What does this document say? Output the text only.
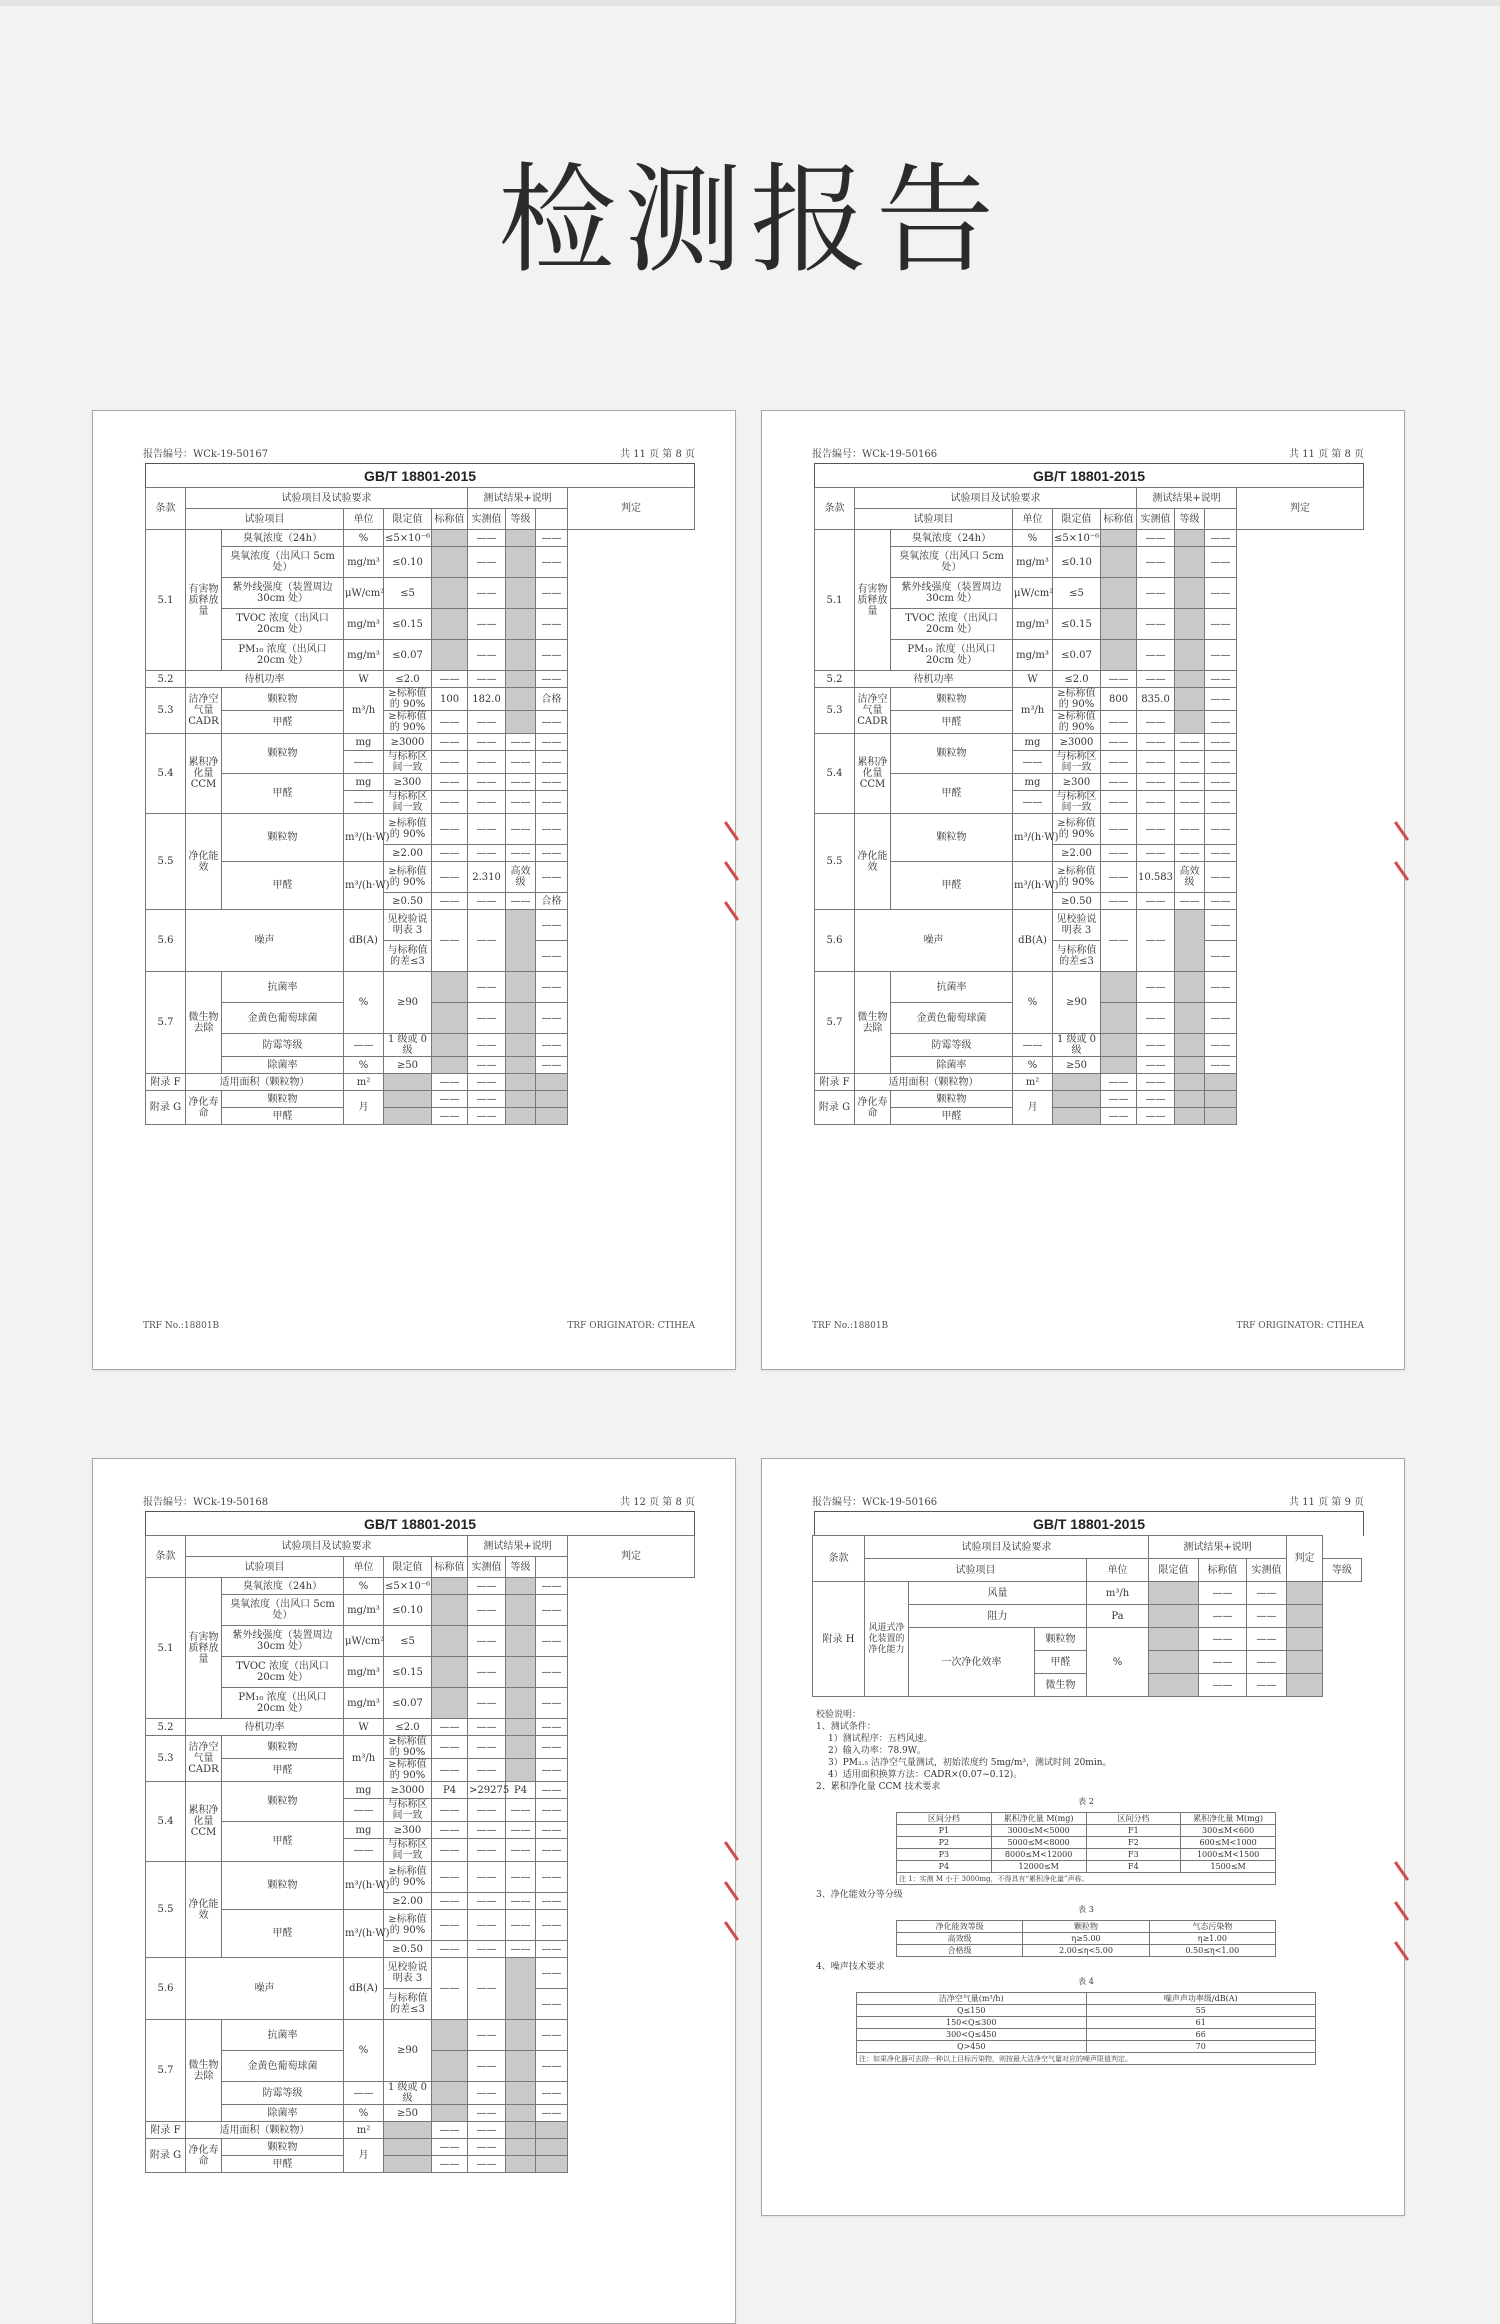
检测报告
报告编号：WCk-19-50167	共 11 页 第 8 页
GB/T 18801-2015
条款	试验项目及试验要求					测试结果+说明			判定
	试验项目		单位	限定值	标称值	实测值	等级		
5.1	有害物质释放量	臭氧浓度（24h）	%	≤5×10⁻⁶		——		——	
		臭氧浓度（出风口 5cm 处）	mg/m³	≤0.10		——		——	
		紫外线强度（装置周边 30cm 处）	μW/cm²	≤5		——		——	
		TVOC 浓度（出风口 20cm 处）	mg/m³	≤0.15		——		——	
		PM₁₀ 浓度（出风口 20cm 处）	mg/m³	≤0.07		——		——	
5.2	待机功率		W	≤2.0	——	——		——	
5.3	洁净空气量 CADR	颗粒物	m³/h	≥标称值的 90%	100	182.0		合格	
		甲醛		≥标称值的 90%	——	——		——	
5.4	累积净化量 CCM	颗粒物	mg	≥3000	——	——	——	——	
			——	与标称区间一致	——	——	——	——	
		甲醛	mg	≥300	——	——	——	——	
			——	与标称区间一致	——	——	——	——	
5.5	净化能效	颗粒物	m³/(h·W)	≥标称值的 90%	——	——	——	——	
				≥2.00	——	——	——	——	
		甲醛	m³/(h·W)	≥标称值的 90%	——	2.310	高效级	——	
				≥0.50	——	——	——	合格	
5.6	噪声		dB(A)	见校验说明表 3	——	——		——	
				与标称值的差≤3				——	
5.7	微生物去除	抗菌率	%	≥90		——		——	
		金黄色葡萄球菌				——		——	
		防霉等级	——	1 级或 0 级		——		——	
		除菌率	%	≥50		——		——	
附录 F	适用面积（颗粒物）		m²		——	——			
附录 G	净化寿命	颗粒物	月		——	——			
		甲醛			——	——			
TRF No.:18801B	TRF ORIGINATOR: CTIHEA
报告编号：WCk-19-50166	共 11 页 第 8 页
GB/T 18801-2015
条款	试验项目及试验要求					测试结果+说明			判定
	试验项目		单位	限定值	标称值	实测值	等级		
5.1	有害物质释放量	臭氧浓度（24h）	%	≤5×10⁻⁶		——		——	
		臭氧浓度（出风口 5cm 处）	mg/m³	≤0.10		——		——	
		紫外线强度（装置周边 30cm 处）	μW/cm²	≤5		——		——	
		TVOC 浓度（出风口 20cm 处）	mg/m³	≤0.15		——		——	
		PM₁₀ 浓度（出风口 20cm 处）	mg/m³	≤0.07		——		——	
5.2	待机功率		W	≤2.0	——	——		——	
5.3	洁净空气量 CADR	颗粒物	m³/h	≥标称值的 90%	800	835.0		——	
		甲醛		≥标称值的 90%	——	——		——	
5.4	累积净化量 CCM	颗粒物	mg	≥3000	——	——	——	——	
			——	与标称区间一致	——	——	——	——	
		甲醛	mg	≥300	——	——	——	——	
			——	与标称区间一致	——	——	——	——	
5.5	净化能效	颗粒物	m³/(h·W)	≥标称值的 90%	——	——	——	——	
				≥2.00	——	——	——	——	
		甲醛	m³/(h·W)	≥标称值的 90%	——	10.583	高效级	——	
				≥0.50	——	——	——	——	
5.6	噪声		dB(A)	见校验说明表 3	——	——		——	
				与标称值的差≤3				——	
5.7	微生物去除	抗菌率	%	≥90		——		——	
		金黄色葡萄球菌				——		——	
		防霉等级	——	1 级或 0 级		——		——	
		除菌率	%	≥50		——		——	
附录 F	适用面积（颗粒物）		m²		——	——			
附录 G	净化寿命	颗粒物	月		——	——			
		甲醛			——	——			
TRF No.:18801B	TRF ORIGINATOR: CTIHEA
报告编号：WCk-19-50168	共 12 页 第 8 页
GB/T 18801-2015
条款	试验项目及试验要求					测试结果+说明			判定
	试验项目		单位	限定值	标称值	实测值	等级		
5.1	有害物质释放量	臭氧浓度（24h）	%	≤5×10⁻⁶		——		——	
		臭氧浓度（出风口 5cm 处）	mg/m³	≤0.10		——		——	
		紫外线强度（装置周边 30cm 处）	μW/cm²	≤5		——		——	
		TVOC 浓度（出风口 20cm 处）	mg/m³	≤0.15		——		——	
		PM₁₀ 浓度（出风口 20cm 处）	mg/m³	≤0.07		——		——	
5.2	待机功率		W	≤2.0	——	——		——	
5.3	洁净空气量 CADR	颗粒物	m³/h	≥标称值的 90%	——	——		——	
		甲醛		≥标称值的 90%	——	——		——	
5.4	累积净化量 CCM	颗粒物	mg	≥3000	P4	>29275	P4	——	
			——	与标称区间一致	——	——	——	——	
		甲醛	mg	≥300	——	——	——	——	
			——	与标称区间一致	——	——	——	——	
5.5	净化能效	颗粒物	m³/(h·W)	≥标称值的 90%	——	——	——	——	
				≥2.00	——	——	——	——	
		甲醛	m³/(h·W)	≥标称值的 90%	——	——	——	——	
				≥0.50	——	——	——	——	
5.6	噪声		dB(A)	见校验说明表 3	——	——		——	
				与标称值的差≤3				——	
5.7	微生物去除	抗菌率	%	≥90		——		——	
		金黄色葡萄球菌				——		——	
		防霉等级	——	1 级或 0 级		——		——	
		除菌率	%	≥50		——		——	
附录 F	适用面积（颗粒物）		m²		——	——			
附录 G	净化寿命	颗粒物	月		——	——			
		甲醛			——	——			
报告编号：WCk-19-50166	共 11 页 第 9 页
GB/T 18801-2015
条款	试验项目及试验要求				测试结果+说明			判定	
	试验项目			单位	限定值	标称值	实测值		等级
附录 H	风道式净化装置的净化能力	风量		m³/h		——	——		
		阻力		Pa		——	——		
		一次净化效率	颗粒物	%		——	——		
			甲醛			——	——		
			微生物			——	——		

校验说明：

1、测试条件：

1）测试程序：五档风速。

2）输入功率：78.9W。

3）PM₂.₅ 洁净空气量测试，初始浓度约 5mg/m³，测试时间 20min。

4）适用面积换算方法：CADR×(0.07~0.12)。

2、累积净化量 CCM 技术要求

表 2
区间分档	累积净化量 M(mg)	区间分档	累积净化量 M(mg)
P1	3000≤M<5000	F1	300≤M<600
P2	5000≤M<8000	F2	600≤M<1000
P3	8000≤M<12000	F3	1000≤M<1500
P4	12000≤M	F4	1500≤M
注 1：实测 M 小于 3000mg，不得具有“累积净化量”声称。			

3、净化能效分等分级

表 3
净化能效等级	颗粒物	气态污染物
高效级	η≥5.00	η≥1.00
合格级	2.00≤η<5.00	0.50≤η<1.00

4、噪声技术要求

表 4
洁净空气量(m³/h)	噪声声功率级/dB(A)
Q≤150	55
150<Q≤300	61
300<Q≤450	66
Q>450	70
注：如果净化器可去除一种以上目标污染物，则按最大洁净空气量对应的噪声限值判定。	
